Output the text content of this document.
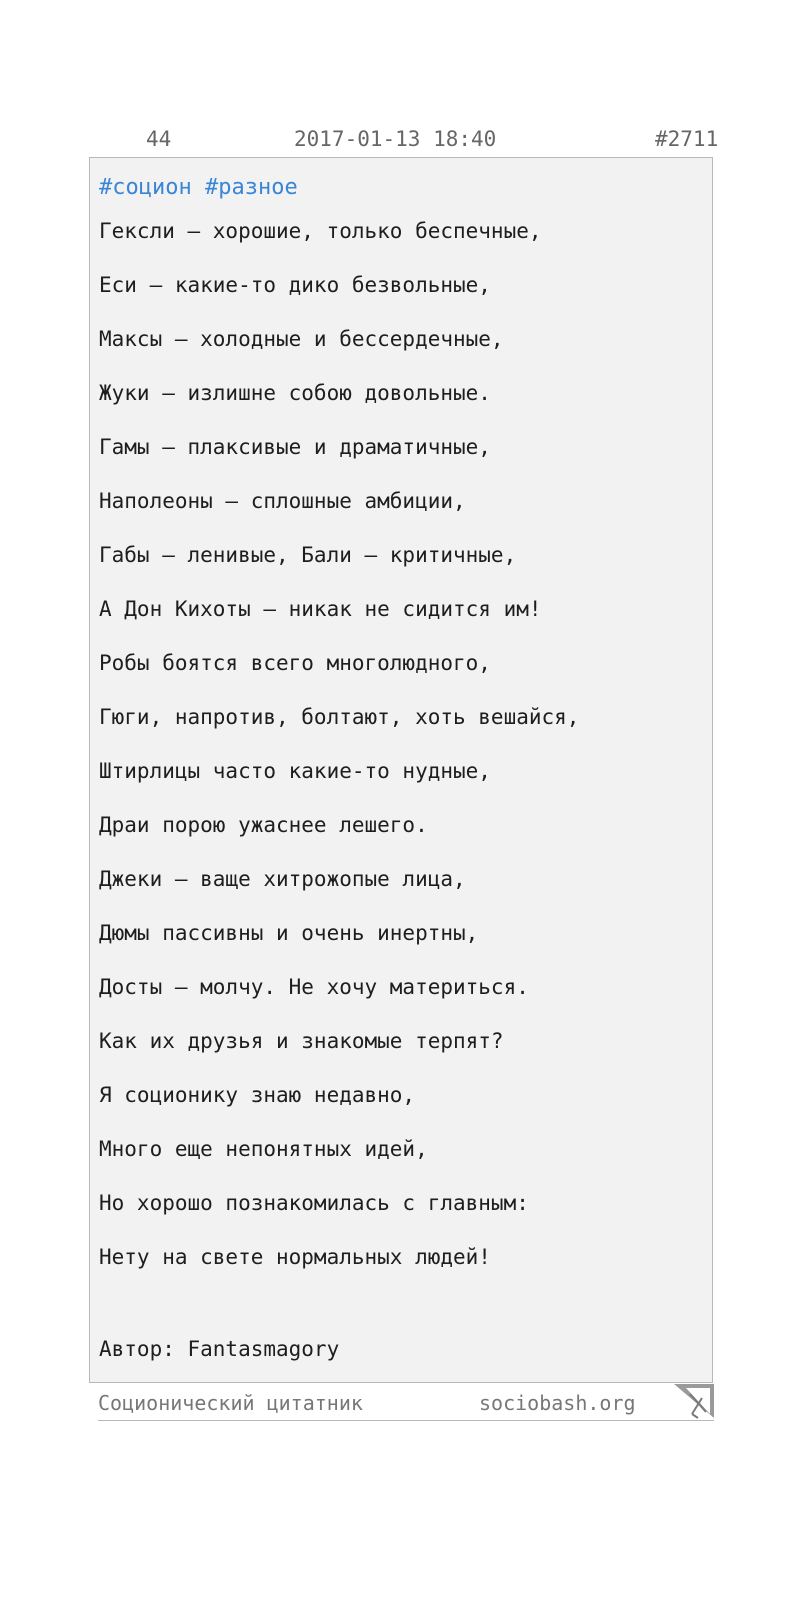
44	2017-01-13 18:40	#2711
#социон #разное
Гексли – хорошие, только беспечные,
Еси – какие-то дико безвольные,
Максы – холодные и бессердечные,
Жуки – излишне собою довольные.
Гамы – плаксивые и драматичные,
Наполеоны – сплошные амбиции,
Габы – ленивые, Бали – критичные,
А Дон Кихоты – никак не сидится им!
Робы боятся всего многолюдного,
Гюги, напротив, болтают, хоть вешайся,
Штирлицы часто какие-то нудные,
Драи порою ужаснее лешего.
Джеки – ваще хитрожопые лица,
Дюмы пассивны и очень инертны,
Досты – молчу. Не хочу материться.
Как их друзья и знакомые терпят?
Я соционику знаю недавно,
Много еще непонятных идей,
Но хорошо познакомилась с главным:
Нету на свете нормальных людей!
Автор: Fantasmagory
Соционический цитатник	sociobash.org
